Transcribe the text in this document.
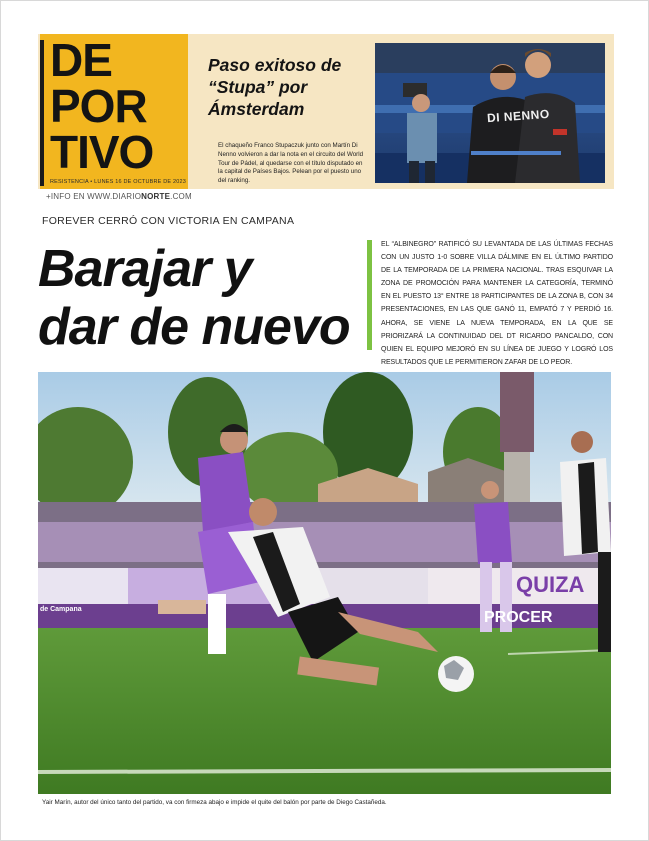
DE
POR
TIVO
RESISTENCIA • LUNES 16 DE OCTUBRE DE 2023
+INFO EN WWW.DIARIONORTE.COM
Paso exitoso de “Stupa” por Ámsterdam
El chaqueño Franco Stupaczuk junto con Martín Di Nenno volvieron a dar la nota en el circuito del World Tour de Pádel, al quedarse con el título disputado en la capital de Países Bajos. Pelean por el puesto uno del ranking.
DI NENNO
FOREVER CERRÓ CON VICTORIA EN CAMPANA
Barajar y
dar de nuevo
EL “ALBINEGRO” RATIFICÓ SU LEVANTADA DE LAS ÚLTIMAS FECHAS CON UN JUSTO 1-0 SOBRE VILLA DÁLMINE EN EL ÚLTIMO PARTIDO DE LA TEMPORADA DE LA PRIMERA NACIONAL. TRAS ESQUIVAR LA ZONA DE PROMOCIÓN PARA MANTENER LA CATEGORÍA, TERMINÓ EN EL PUESTO 13° ENTRE 18 PARTICIPANTES DE LA ZONA B, CON 34 PRESENTACIONES, EN LAS QUE GANÓ 11, EMPATÓ 7 Y PERDIÓ 16. AHORA, SE VIENE LA NUEVA TEMPORADA, EN LA QUE SE PRIORIZARÁ LA CONTINUIDAD DEL DT RICARDO PANCALDO, CON QUIEN EL EQUIPO MEJORÓ EN SU LÍNEA DE JUEGO Y LOGRÓ LOS RESULTADOS QUE LE PERMITIERON ZAFAR DE LO PEOR.
de Campana
QUIZA
PROCER
Yair Marín, autor del único tanto del partido, va con firmeza abajo e impide el quite del balón por parte de Diego Castañeda.
